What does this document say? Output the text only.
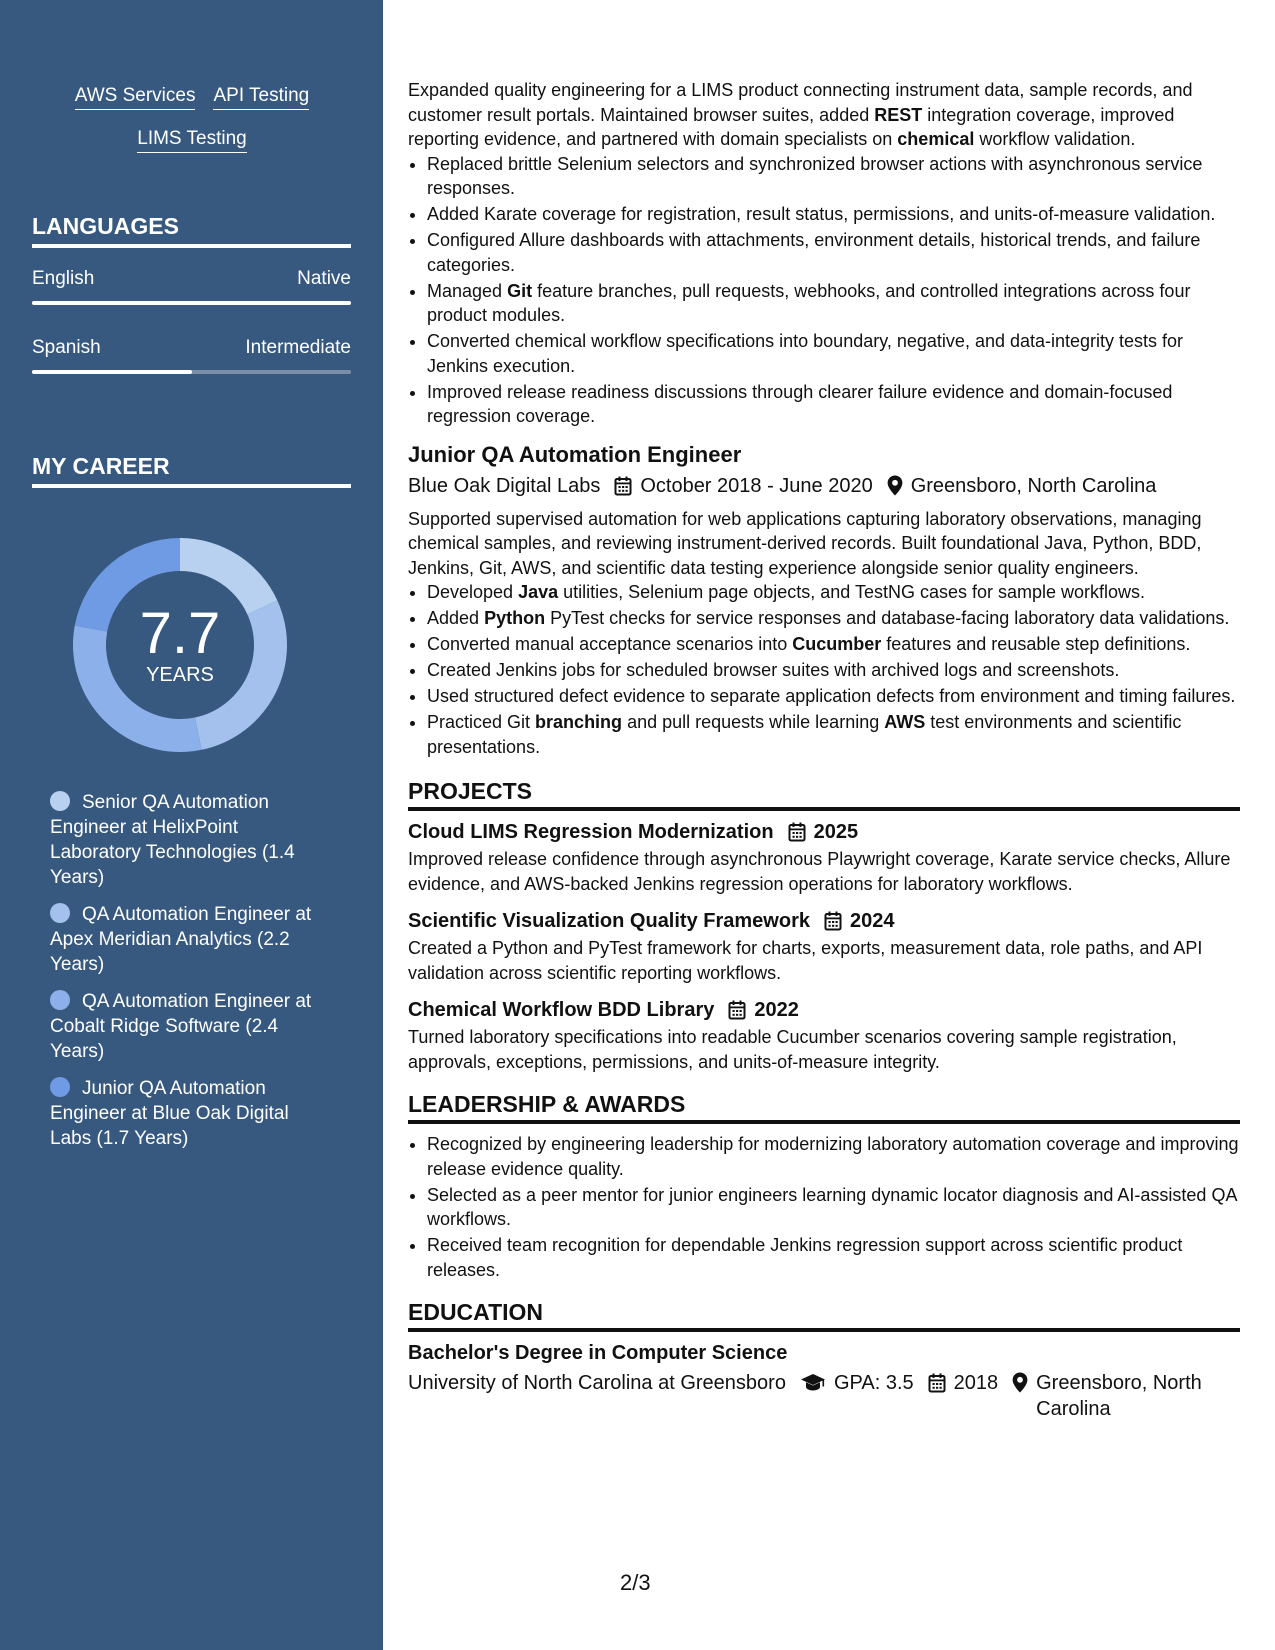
AWS Services API Testing
LIMS Testing
LANGUAGES
English	Native
Spanish	Intermediate
MY CAREER
7.7
YEARS
Senior QA Automation Engineer at HelixPoint Laboratory Technologies (1.4 Years)
QA Automation Engineer at Apex Meridian Analytics (2.2 Years)
QA Automation Engineer at Cobalt Ridge Software (2.4 Years)
Junior QA Automation Engineer at Blue Oak Digital Labs (1.7 Years)
Expanded quality engineering for a LIMS product connecting instrument data, sample records, and customer result portals. Maintained browser suites, added REST integration coverage, improved reporting evidence, and partnered with domain specialists on chemical workflow validation.
• Replaced brittle Selenium selectors and synchronized browser actions with asynchronous service responses.
• Added Karate coverage for registration, result status, permissions, and units-of-measure validation.
• Configured Allure dashboards with attachments, environment details, historical trends, and failure categories.
• Managed Git feature branches, pull requests, webhooks, and controlled integrations across four product modules.
• Converted chemical workflow specifications into boundary, negative, and data-integrity tests for Jenkins execution.
• Improved release readiness discussions through clearer failure evidence and domain-focused regression coverage.
Junior QA Automation Engineer
Blue Oak Digital Labs October 2018 - June 2020 Greensboro, North Carolina
Supported supervised automation for web applications capturing laboratory observations, managing chemical samples, and reviewing instrument-derived records. Built foundational Java, Python, BDD, Jenkins, Git, AWS, and scientific data testing experience alongside senior quality engineers.
• Developed Java utilities, Selenium page objects, and TestNG cases for sample workflows.
• Added Python PyTest checks for service responses and database-facing laboratory data validations.
• Converted manual acceptance scenarios into Cucumber features and reusable step definitions.
• Created Jenkins jobs for scheduled browser suites with archived logs and screenshots.
• Used structured defect evidence to separate application defects from environment and timing failures.
• Practiced Git branching and pull requests while learning AWS test environments and scientific presentations.
PROJECTS
Cloud LIMS Regression Modernization 2025
Improved release confidence through asynchronous Playwright coverage, Karate service checks, Allure evidence, and AWS-backed Jenkins regression operations for laboratory workflows.
Scientific Visualization Quality Framework 2024
Created a Python and PyTest framework for charts, exports, measurement data, role paths, and API validation across scientific reporting workflows.
Chemical Workflow BDD Library 2022
Turned laboratory specifications into readable Cucumber scenarios covering sample registration, approvals, exceptions, permissions, and units-of-measure integrity.
LEADERSHIP & AWARDS
• Recognized by engineering leadership for modernizing laboratory automation coverage and improving release evidence quality.
• Selected as a peer mentor for junior engineers learning dynamic locator diagnosis and AI-assisted QA workflows.
• Received team recognition for dependable Jenkins regression support across scientific product releases.
EDUCATION
Bachelor's Degree in Computer Science
University of North Carolina at Greensboro GPA: 3.5 2018 Greensboro, North Carolina
2/3
